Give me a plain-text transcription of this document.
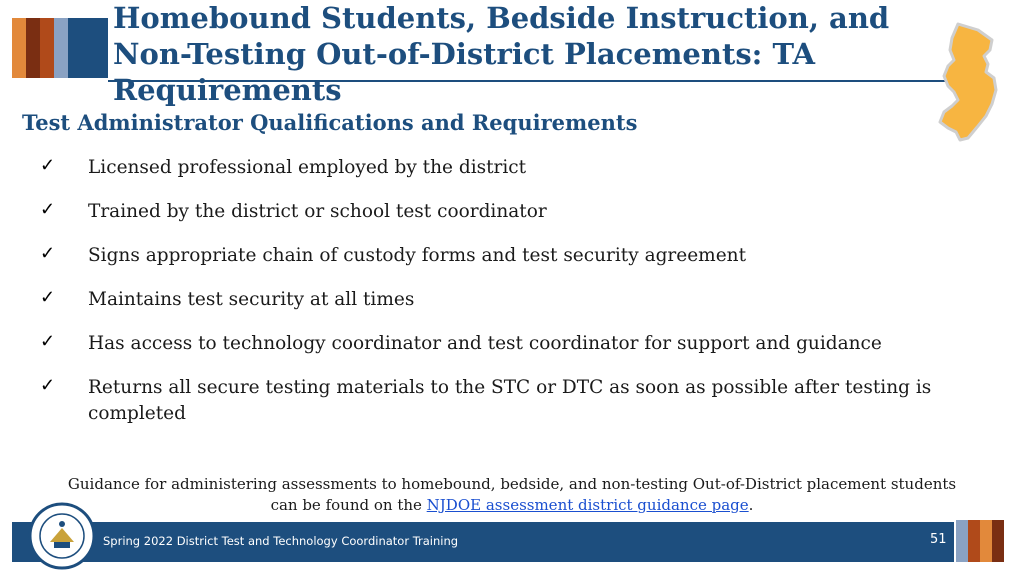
Homebound Students, Bedside Instruction, and Non-Testing Out-of-District Placements: TA Requirements
Test Administrator Qualifications and Requirements
✓	Licensed professional employed by the district
✓	Trained by the district or school test coordinator
✓	Signs appropriate chain of custody forms and test security agreement
✓	Maintains test security at all times
✓	Has access to technology coordinator and test coordinator for support and guidance
✓	Returns all secure testing materials to the STC or DTC as soon as possible after testing is completed

Guidance for administering assessments to homebound, bedside, and non-testing Out-of-District placement students can be found on the NJDOE assessment district guidance page.

Spring 2022 District Test and Technology Coordinator Training	51
